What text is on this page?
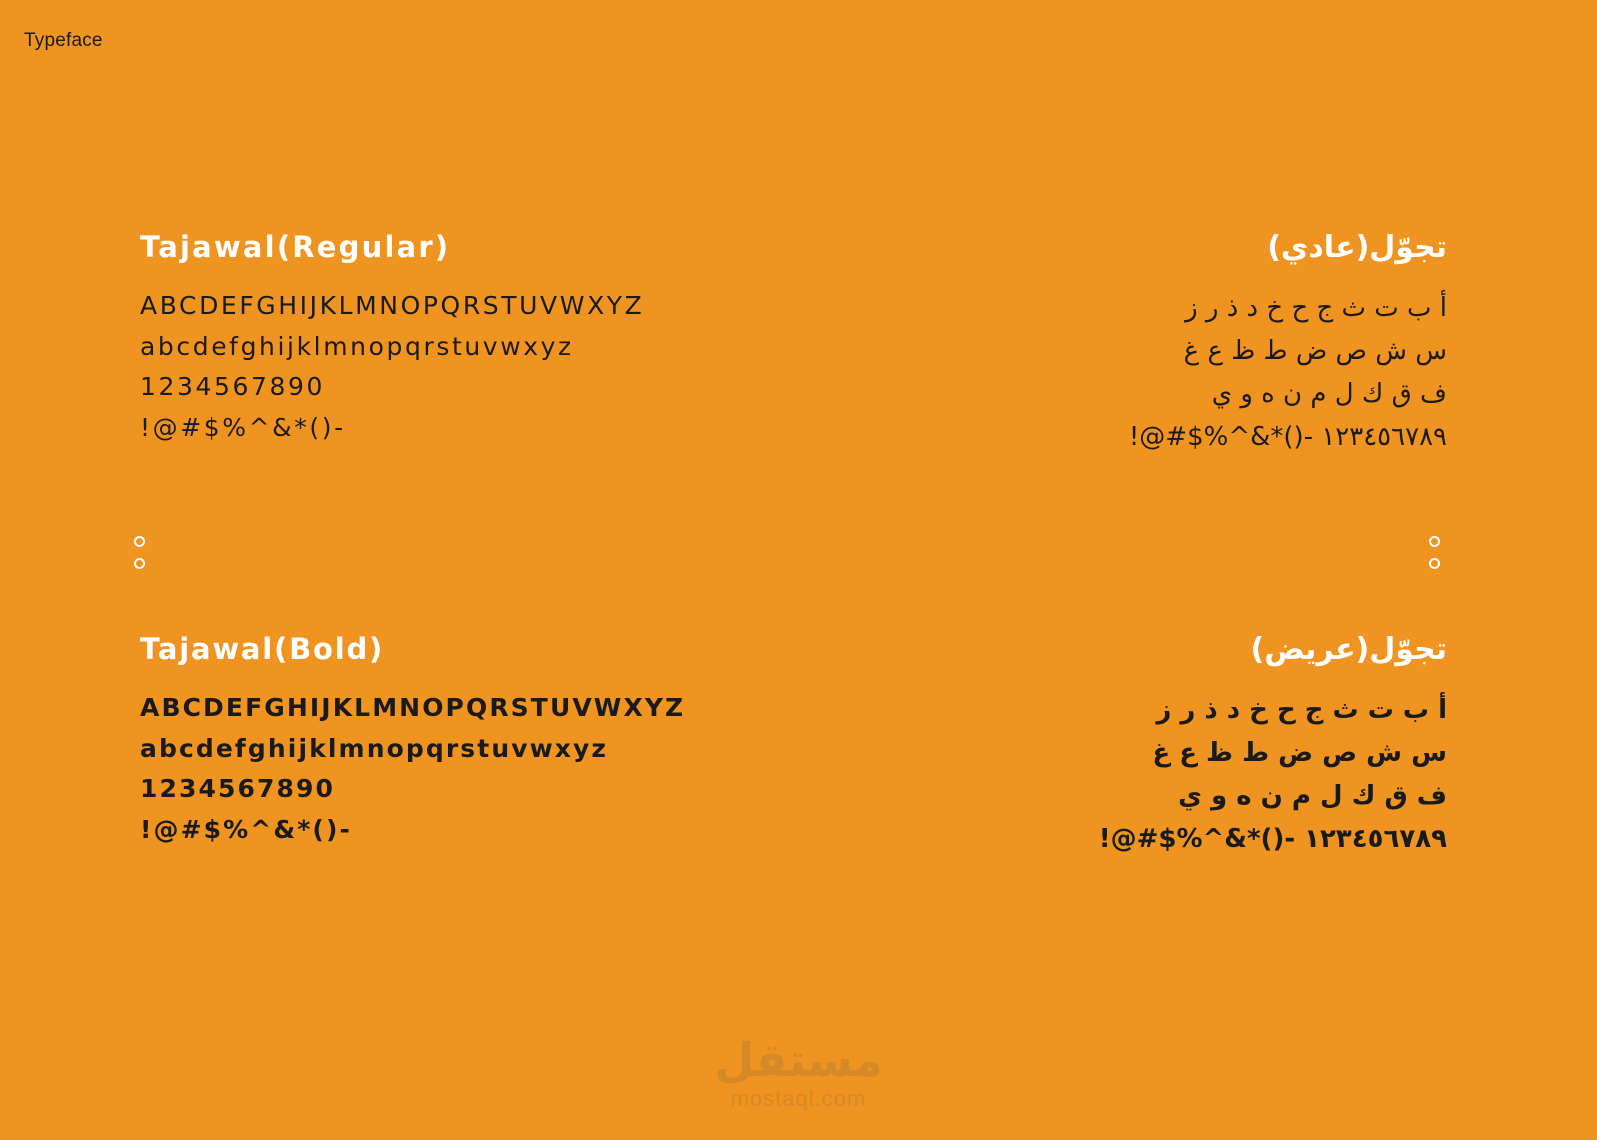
Typeface
Tajawal(Regular)
ABCDEFGHIJKLMNOPQRSTUVWXYZ
abcdefghijklmnopqrstuvwxyz
1234567890
!@#$%^&*()-
تجوّل(عادي)
أ ب ت ث ج ح خ د ذ ر ز
س ش ص ض ط ظ ع غ
ف ق ك ل م ن ه و ي
١٢٣٤٥٦٧٨٩ -()*&^%$#@!
Tajawal(Bold)
ABCDEFGHIJKLMNOPQRSTUVWXYZ
abcdefghijklmnopqrstuvwxyz
1234567890
!@#$%^&*()-
تجوّل(عريض)
أ ب ت ث ج ح خ د ذ ر ز
س ش ص ض ط ظ ع غ
ف ق ك ل م ن ه و ي
١٢٣٤٥٦٧٨٩ -()*&^%$#@!
مستقل
mostaql.com
